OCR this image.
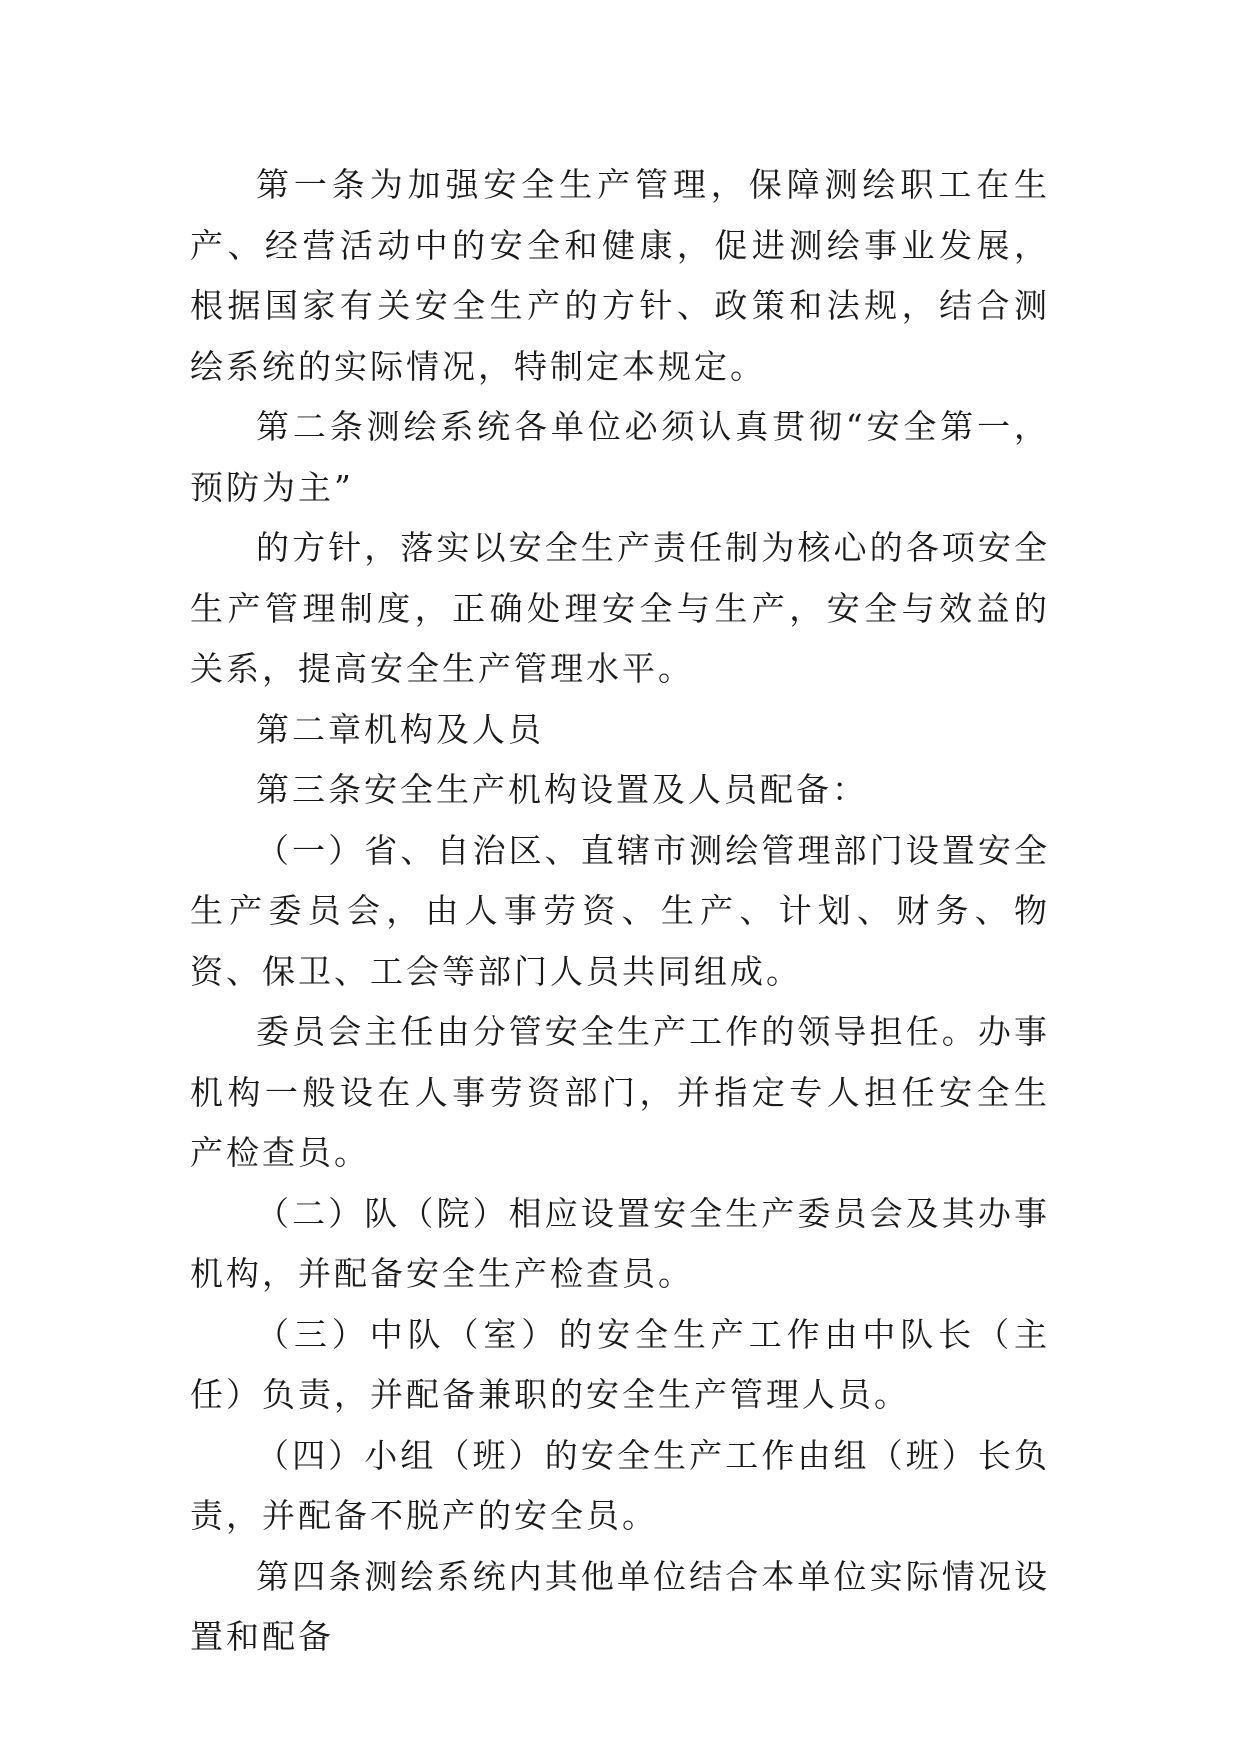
第一条为加强安全生产管理，保障测绘职工在生产、经营活动中的安全和健康，促进测绘事业发展，根据国家有关安全生产的方针、政策和法规，结合测绘系统的实际情况，特制定本规定。

第二条测绘系统各单位必须认真贯彻“安全第一，预防为主”

的方针，落实以安全生产责任制为核心的各项安全生产管理制度，正确处理安全与生产，安全与效益的关系，提高安全生产管理水平。

第二章机构及人员

第三条安全生产机构设置及人员配备：

（一）省、自治区、直辖市测绘管理部门设置安全生产委员会，由人事劳资、生产、计划、财务、物资、保卫、工会等部门人员共同组成。

委员会主任由分管安全生产工作的领导担任。办事机构一般设在人事劳资部门，并指定专人担任安全生产检查员。

（二）队（院）相应设置安全生产委员会及其办事机构，并配备安全生产检查员。

（三）中队（室）的安全生产工作由中队长（主任）负责，并配备兼职的安全生产管理人员。

（四）小组（班）的安全生产工作由组（班）长负责，并配备不脱产的安全员。

第四条测绘系统内其他单位结合本单位实际情况设置和配备
